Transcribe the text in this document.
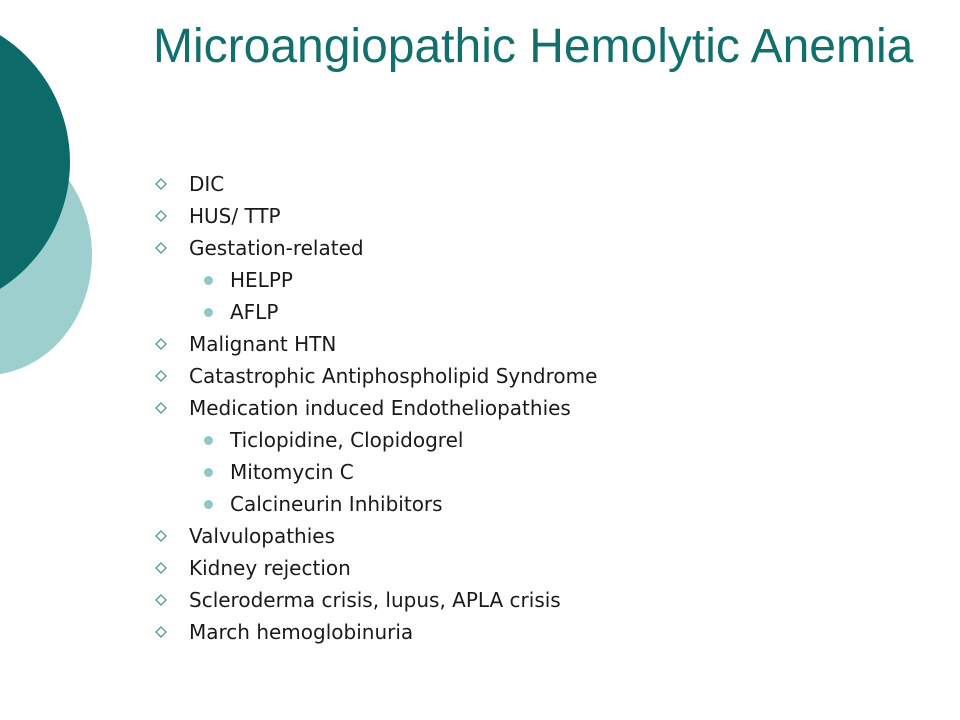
Microangiopathic Hemolytic Anemia
DIC
HUS/ TTP
Gestation-related
HELPP
AFLP
Malignant HTN
Catastrophic Antiphospholipid Syndrome
Medication induced Endotheliopathies
Ticlopidine, Clopidogrel
Mitomycin C
Calcineurin Inhibitors
Valvulopathies
Kidney rejection
Scleroderma crisis, lupus, APLA crisis
March hemoglobinuria
